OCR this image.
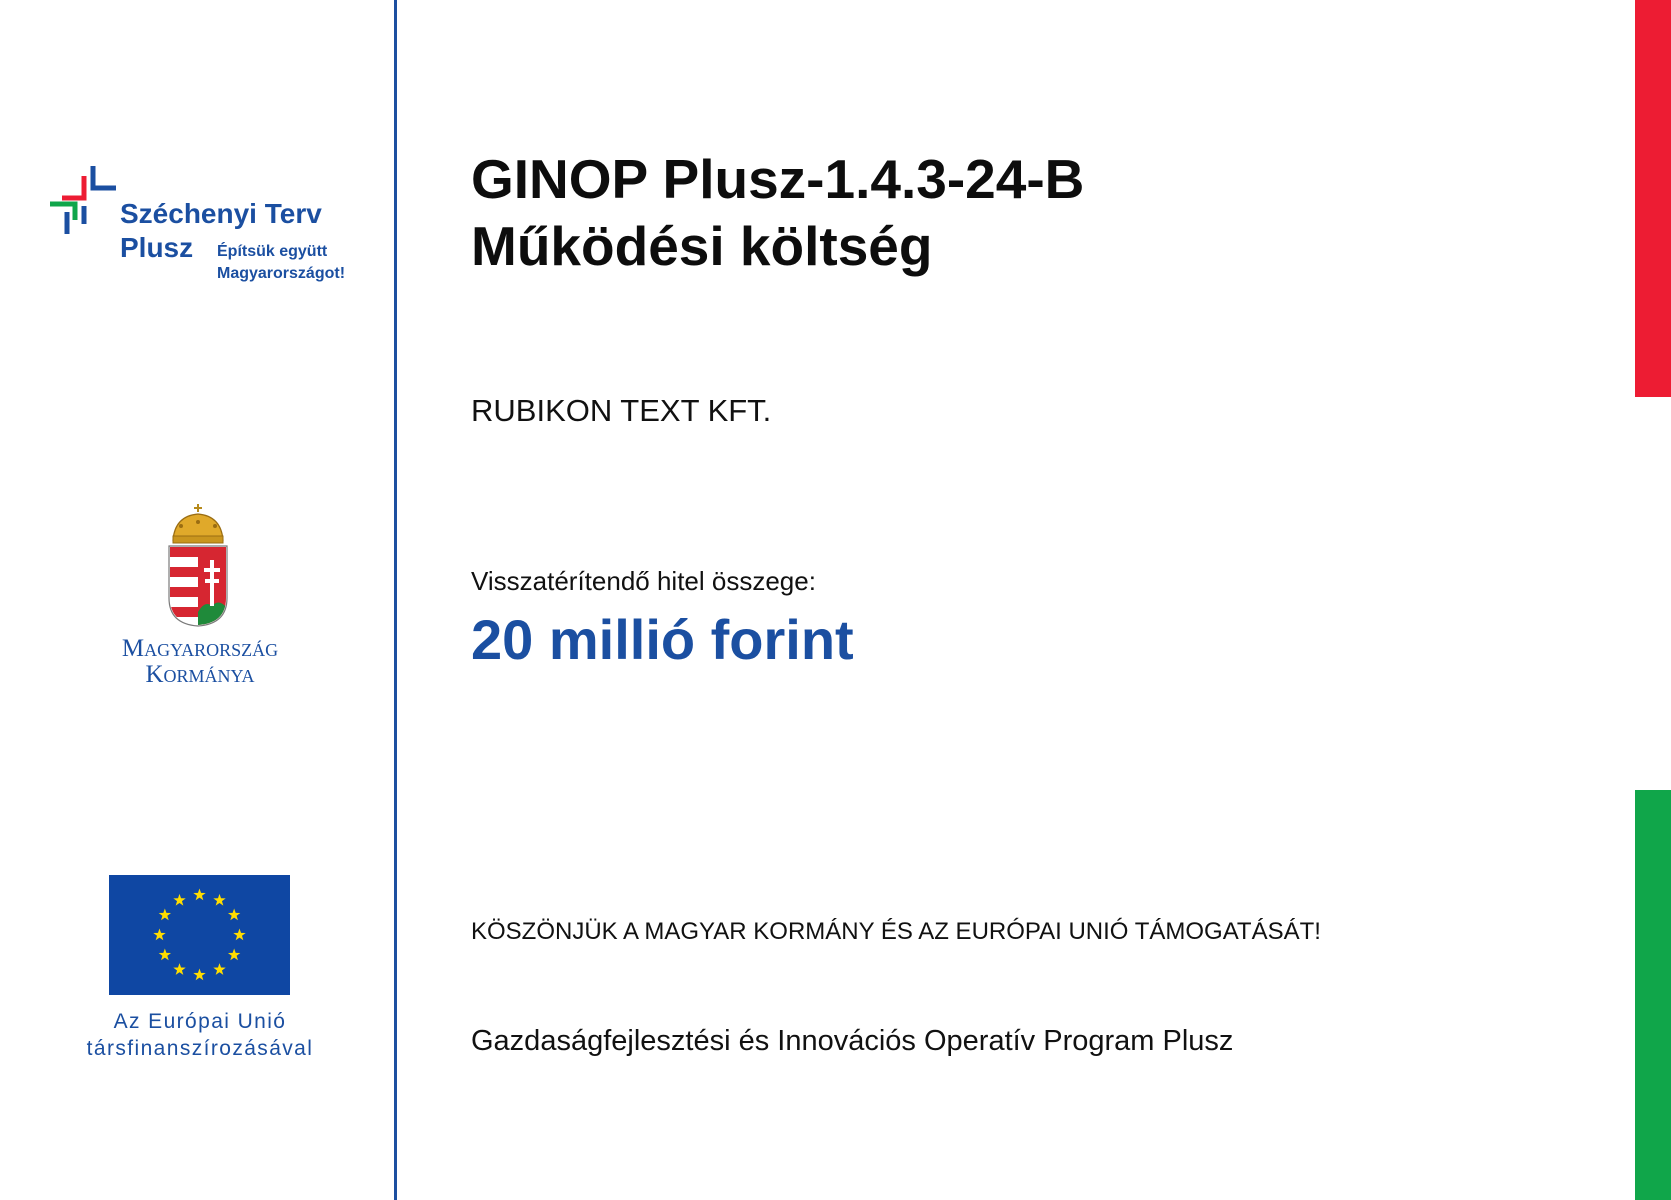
Széchenyi Terv
Plusz Építsük együtt
Magyarországot!
Magyarország
Kormánya
Az Európai Unió
társfinanszírozásával
GINOP Plusz-1.4.3-24-B
Működési költség
RUBIKON TEXT KFT.
Visszatérítendő hitel összege:
20 millió forint
KÖSZÖNJÜK A MAGYAR KORMÁNY ÉS AZ EURÓPAI UNIÓ TÁMOGATÁSÁT!
Gazdaságfejlesztési és Innovációs Operatív Program Plusz
